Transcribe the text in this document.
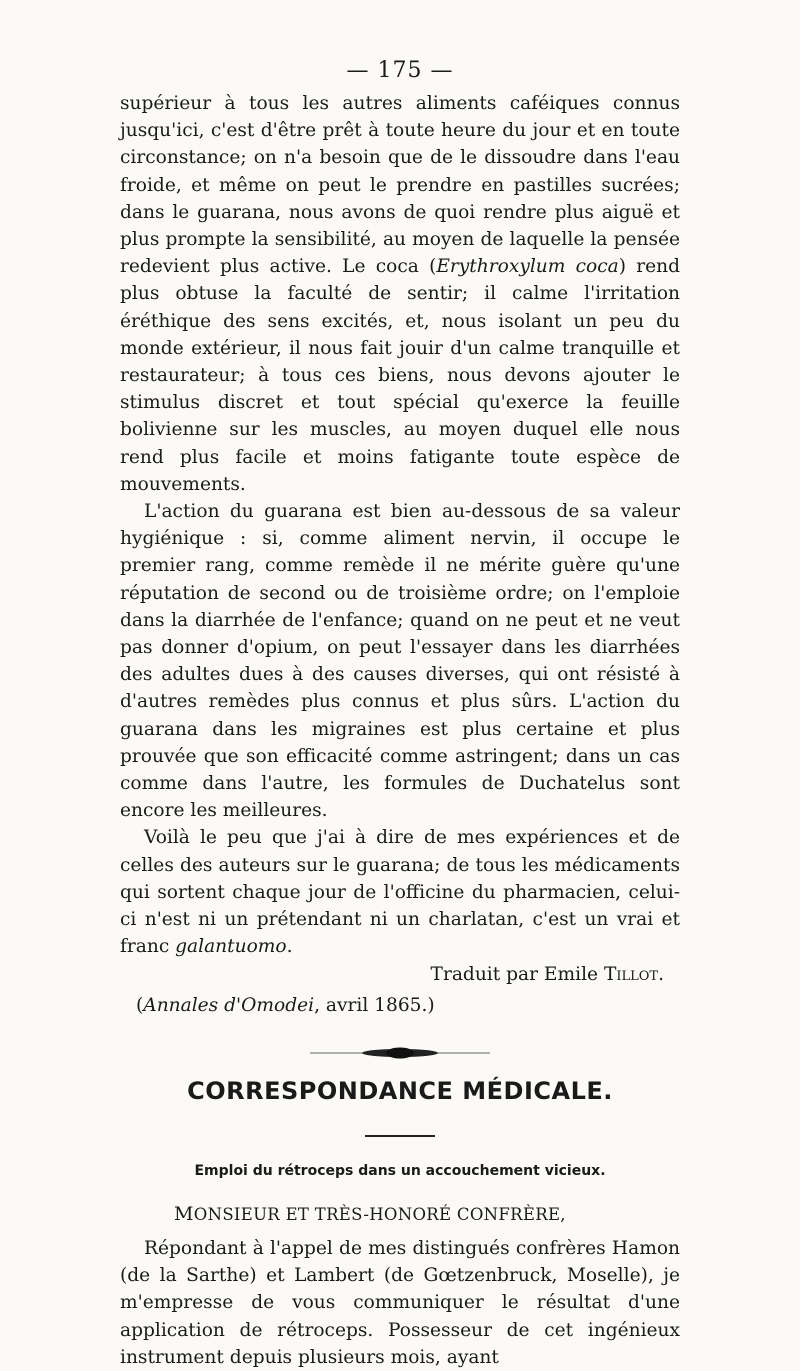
— 175 —

supérieur à tous les autres aliments caféiques connus jusqu'ici, c'est d'être prêt à toute heure du jour et en toute circonstance; on n'a besoin que de le dissoudre dans l'eau froide, et même on peut le prendre en pastilles sucrées; dans le guarana, nous avons de quoi rendre plus aiguë et plus prompte la sensibilité, au moyen de laquelle la pensée redevient plus active. Le coca (Erythroxylum coca) rend plus obtuse la faculté de sentir; il calme l'irritation éréthique des sens excités, et, nous isolant un peu du monde extérieur, il nous fait jouir d'un calme tranquille et restaurateur; à tous ces biens, nous devons ajouter le stimulus discret et tout spécial qu'exerce la feuille bolivienne sur les muscles, au moyen duquel elle nous rend plus facile et moins fatigante toute espèce de mouvements.

L'action du guarana est bien au-dessous de sa valeur hygiénique : si, comme aliment nervin, il occupe le premier rang, comme remède il ne mérite guère qu'une réputation de second ou de troisième ordre; on l'emploie dans la diarrhée de l'enfance; quand on ne peut et ne veut pas donner d'opium, on peut l'essayer dans les diarrhées des adultes dues à des causes diverses, qui ont résisté à d'autres remèdes plus connus et plus sûrs. L'action du guarana dans les migraines est plus certaine et plus prouvée que son efficacité comme astringent; dans un cas comme dans l'autre, les formules de Duchatelus sont encore les meilleures.

Voilà le peu que j'ai à dire de mes expériences et de celles des auteurs sur le guarana; de tous les médicaments qui sortent chaque jour de l'officine du pharmacien, celui-ci n'est ni un prétendant ni un charlatan, c'est un vrai et franc galantuomo.

Traduit par Emile Tillot.
(Annales d'Omodei, avril 1865.)
CORRESPONDANCE MÉDICALE.
Emploi du rétroceps dans un accouchement vicieux.
MONSIEUR ET TRÈS-HONORÉ CONFRÈRE,

Répondant à l'appel de mes distingués confrères Hamon (de la Sarthe) et Lambert (de Gœtzenbruck, Moselle), je m'empresse de vous communiquer le résultat d'une application de rétroceps. Possesseur de cet ingénieux instrument depuis plusieurs mois, ayant
